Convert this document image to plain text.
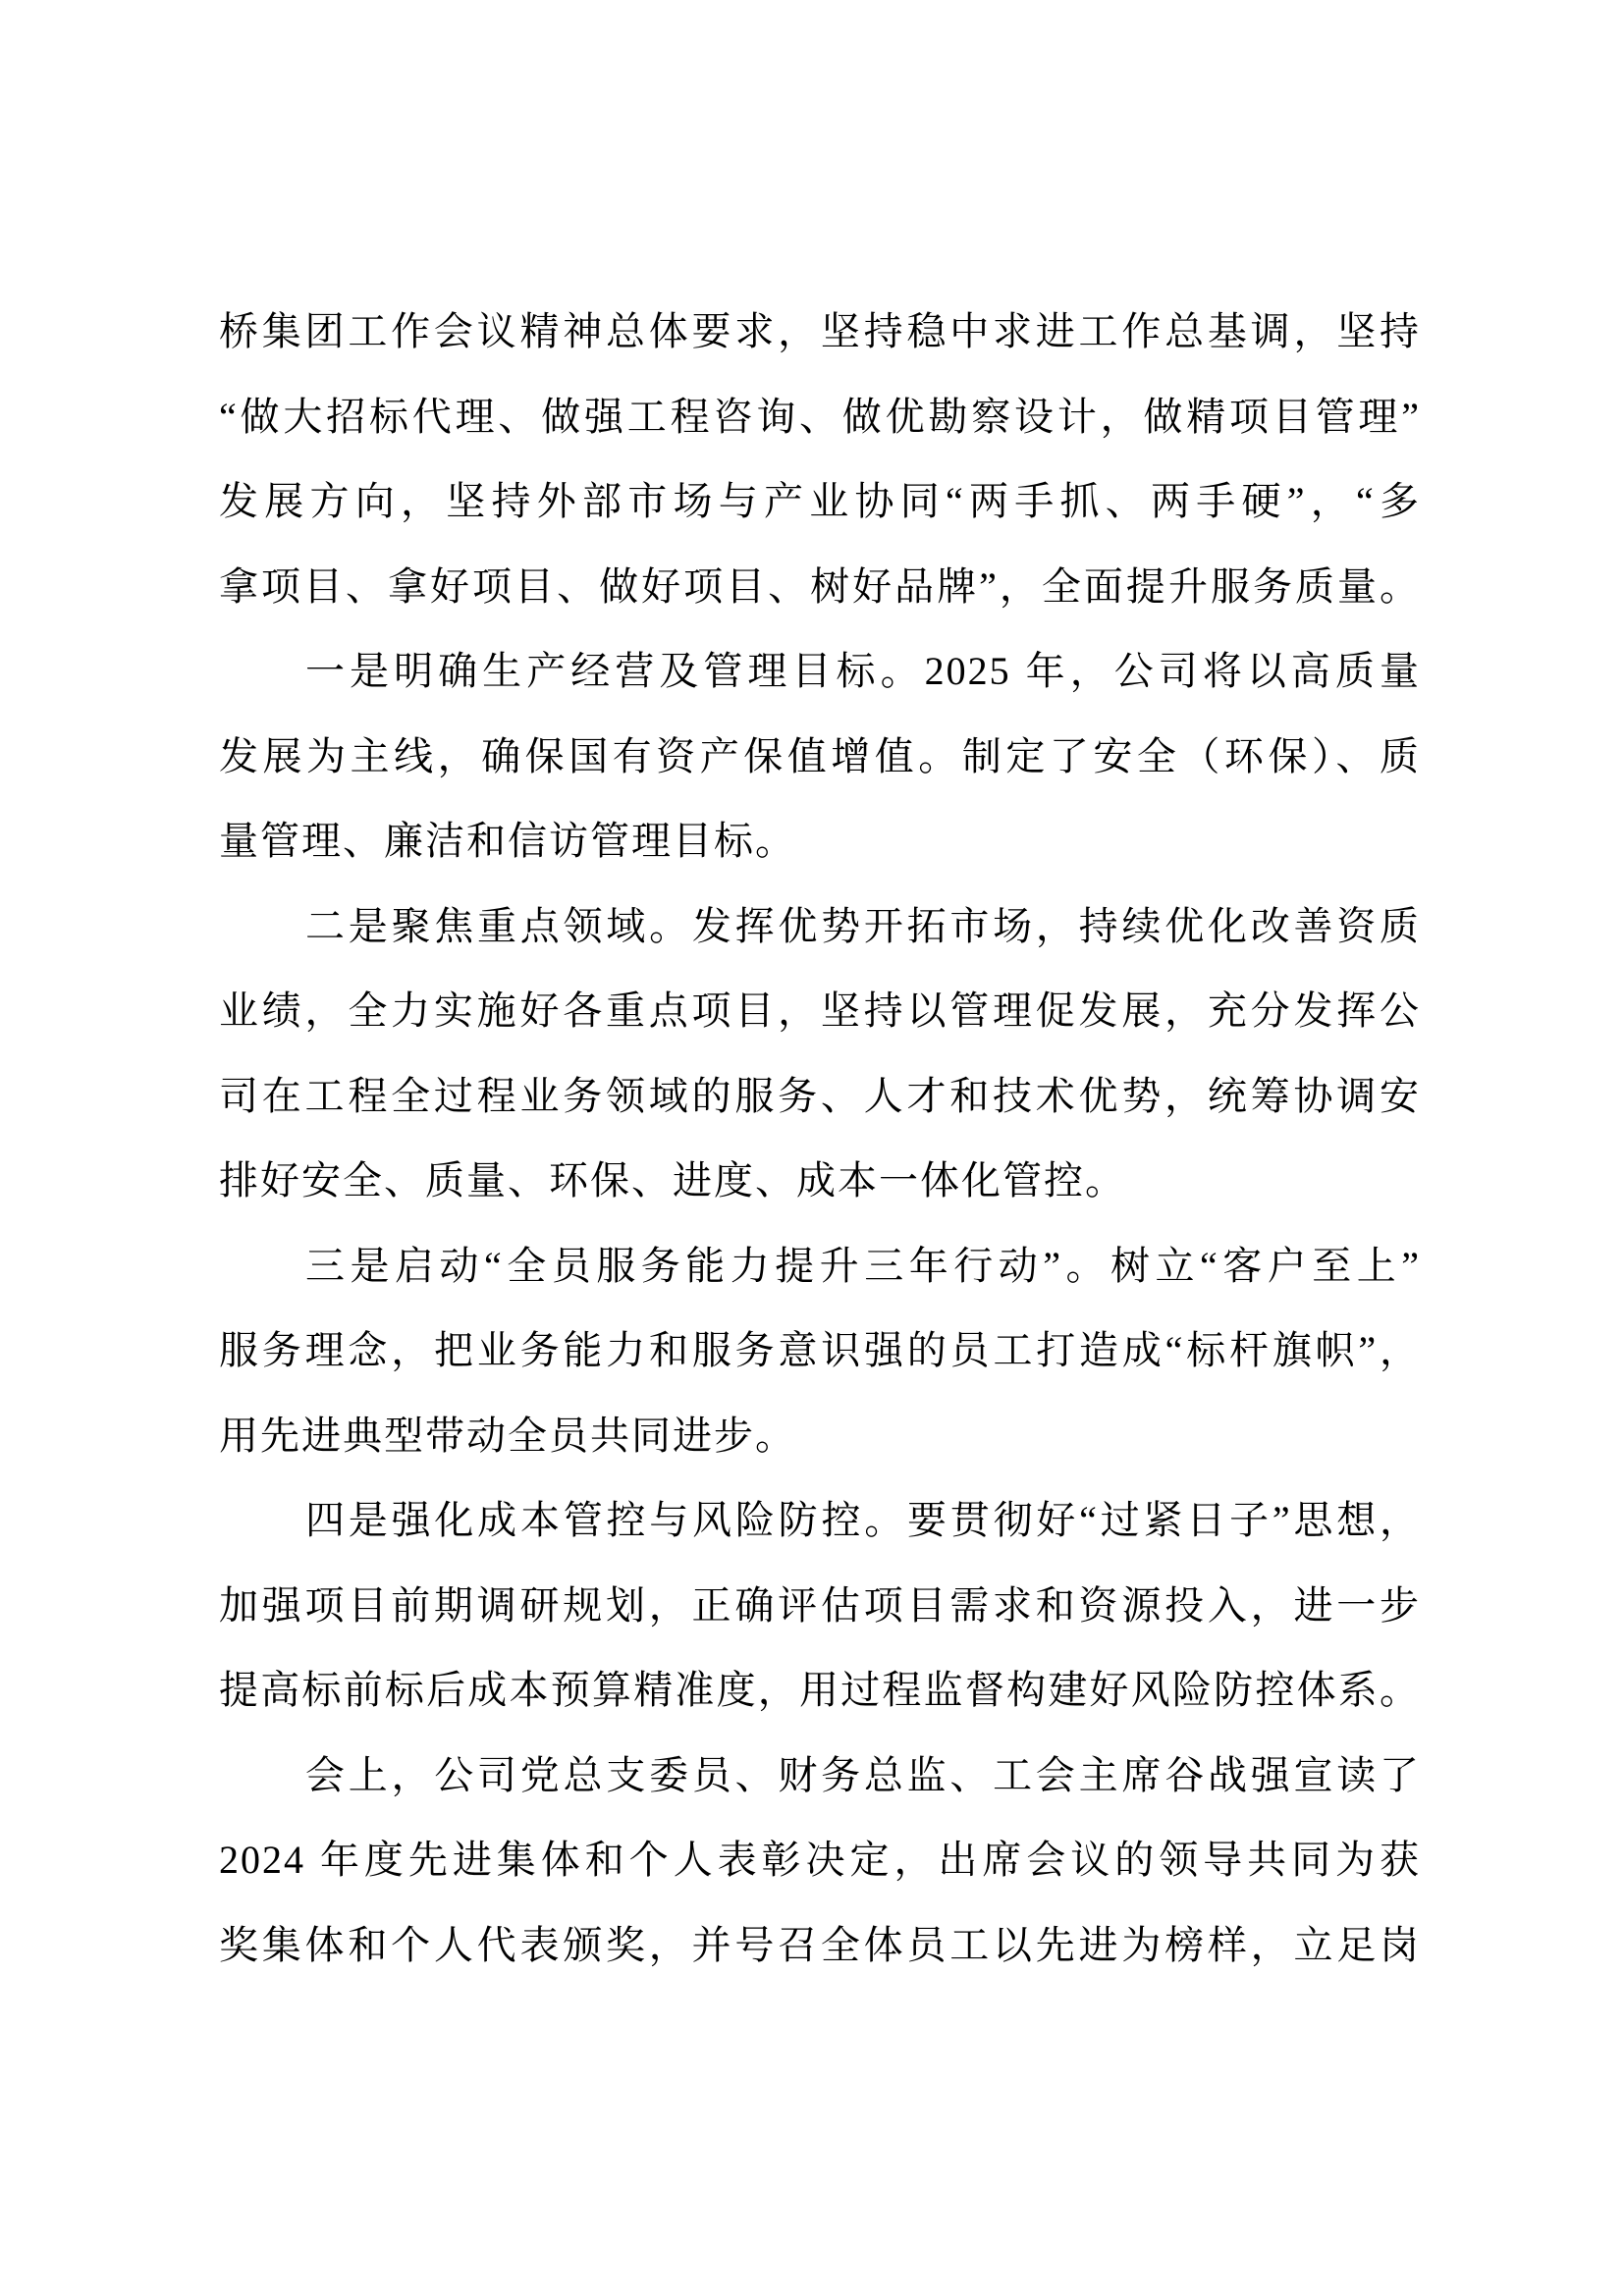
桥集团工作会议精神总体要求，坚持稳中求进工作总基调，坚持
“做大招标代理、做强工程咨询、做优勘察设计，做精项目管理”
发展方向，坚持外部市场与产业协同“两手抓、两手硬”，“多
拿项目、拿好项目、做好项目、树好品牌”，全面提升服务质量。
一是明确生产经营及管理目标。2025 年，公司将以高质量
发展为主线，确保国有资产保值增值。制定了安全（环保）、质
量管理、廉洁和信访管理目标。
二是聚焦重点领域。发挥优势开拓市场，持续优化改善资质
业绩，全力实施好各重点项目，坚持以管理促发展，充分发挥公
司在工程全过程业务领域的服务、人才和技术优势，统筹协调安
排好安全、质量、环保、进度、成本一体化管控。
三是启动“全员服务能力提升三年行动”。树立“客户至上”
服务理念，把业务能力和服务意识强的员工打造成“标杆旗帜”，
用先进典型带动全员共同进步。
四是强化成本管控与风险防控。要贯彻好“过紧日子”思想，
加强项目前期调研规划，正确评估项目需求和资源投入，进一步
提高标前标后成本预算精准度，用过程监督构建好风险防控体系。
会上，公司党总支委员、财务总监、工会主席谷战强宣读了
2024 年度先进集体和个人表彰决定，出席会议的领导共同为获
奖集体和个人代表颁奖，并号召全体员工以先进为榜样，立足岗
